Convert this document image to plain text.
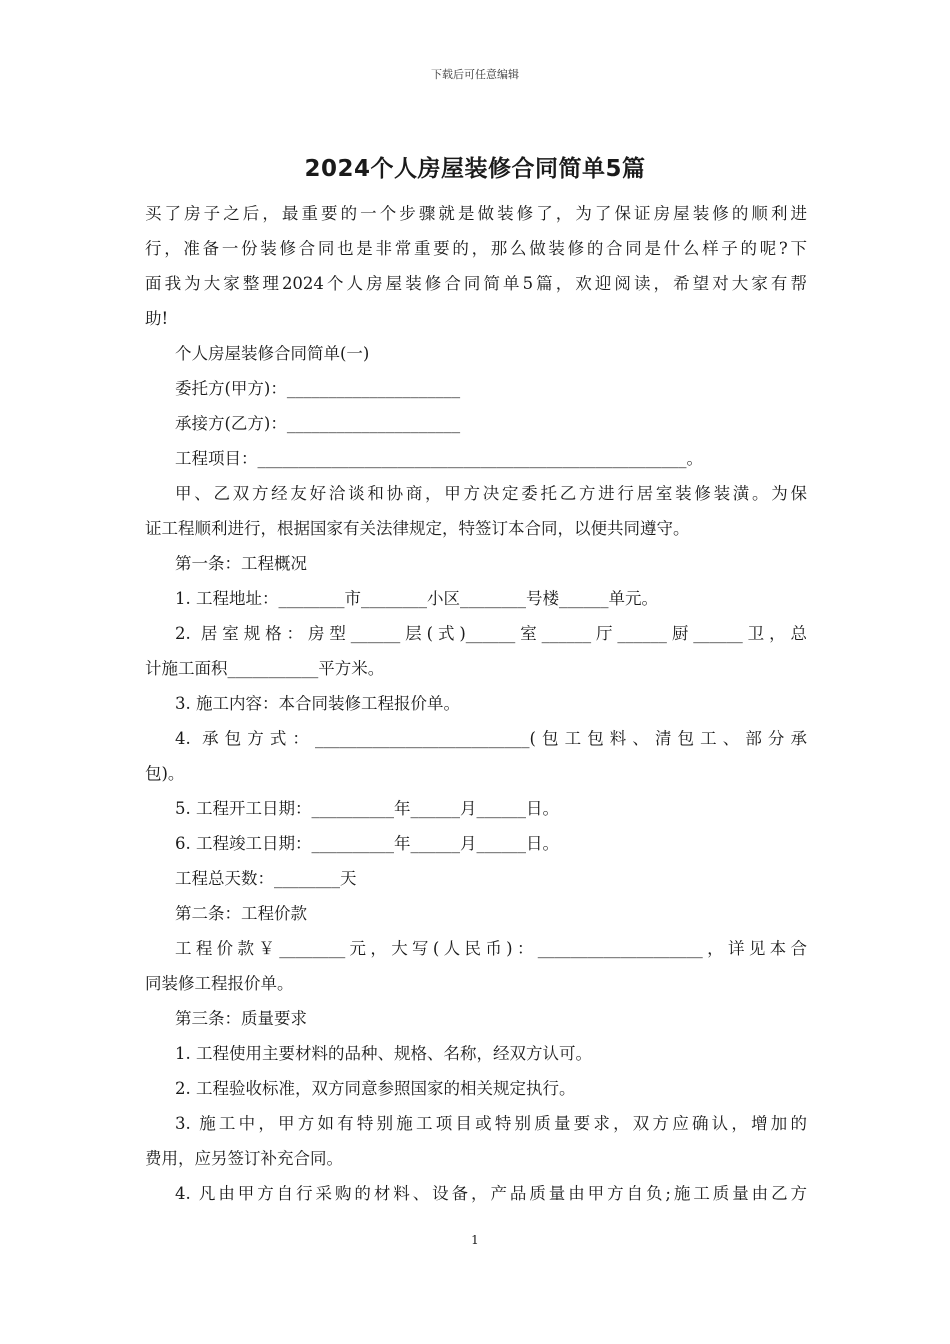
下载后可任意编辑
2024个人房屋装修合同简单5篇
买了房子之后，最重要的一个步骤就是做装修了，为了保证房屋装修的顺利进
行，准备一份装修合同也是非常重要的，那么做装修的合同是什么样子的呢?下
面我为大家整理2024个人房屋装修合同简单5篇，欢迎阅读，希望对大家有帮
助!
个人房屋装修合同简单(一)
委托方(甲方)：_____________________
承接方(乙方)：_____________________
工程项目：____________________________________________________。
甲、乙双方经友好洽谈和协商，甲方决定委托乙方进行居室装修装潢。为保
证工程顺利进行，根据国家有关法律规定，特签订本合同，以便共同遵守。
第一条：工程概况
1. 工程地址：________市________小区________号楼______单元。
2. 居室规格：房型______层(式)______室______厅______厨______卫，总
计施工面积___________平方米。
3. 施工内容：本合同装修工程报价单。
4. 承包方式：__________________________(包工包料、清包工、部分承
包)。
5. 工程开工日期：__________年______月______日。
6. 工程竣工日期：__________年______月______日。
工程总天数：________天
第二条：工程价款
工程价款￥________元，大写(人民币)：____________________，详见本合
同装修工程报价单。
第三条：质量要求
1. 工程使用主要材料的品种、规格、名称，经双方认可。
2. 工程验收标准，双方同意参照国家的相关规定执行。
3. 施工中，甲方如有特别施工项目或特别质量要求，双方应确认，增加的
费用，应另签订补充合同。
4. 凡由甲方自行采购的材料、设备，产品质量由甲方自负;施工质量由乙方
1
